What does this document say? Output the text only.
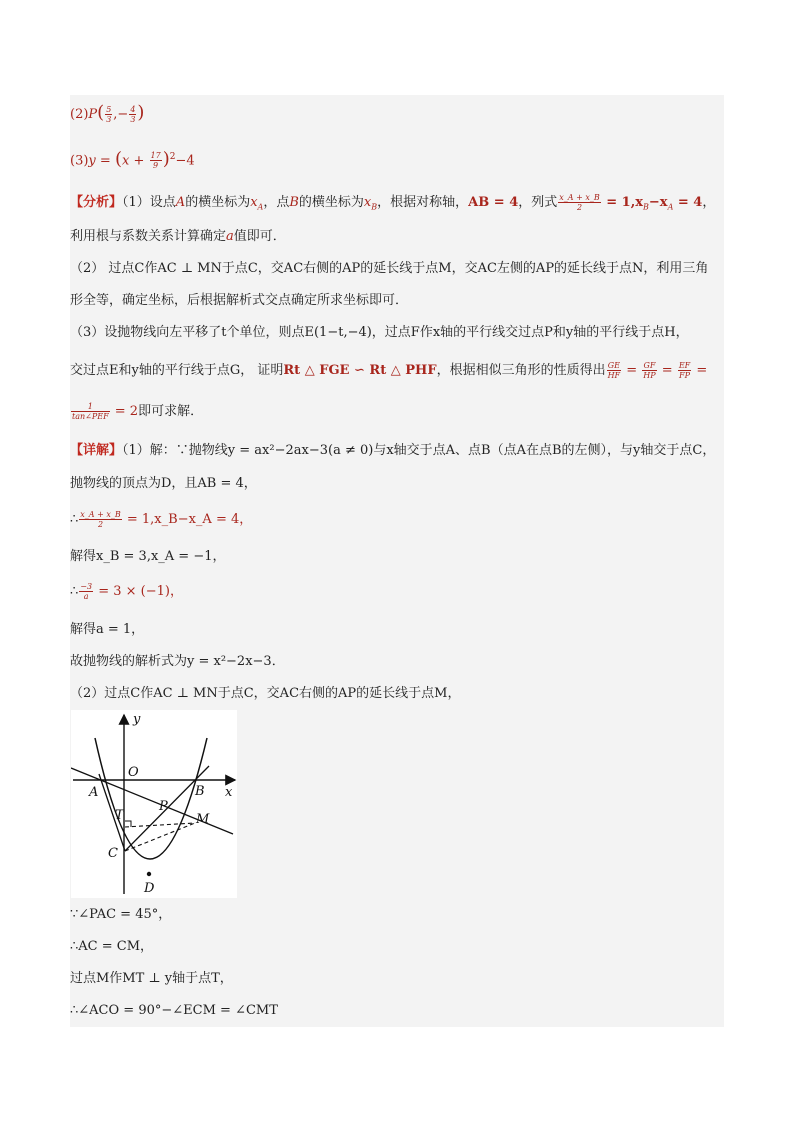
$(2)P( \frac{5}{3}$ ,− $\frac{4}{3}$ )
$(3)y = (x + \frac{17}{9} )^2-4$
【分析】（1）设点A的横坐标为$x_A$，点B的横坐标为$x_B$，根据对称轴，AB = 4，列式 $\frac{x\_A + x\_B}{2} = 1,x_B-x_A = 4$，
利用根与系数关系计算确定a值即可．
（2） 过点C作AC ⊥ MN于点C，交AC右侧的AP的延长线于点M，交AC左侧的AP的延长线于点N，利用三角
形全等，确定坐标，后根据解析式交点确定所求坐标即可．
（3）设抛物线向左平移了t个单位，则点E(1−t,−4)，过点F作x轴的平行线交过点P和y轴的平行线于点H，
交过点E和y轴的平行线于点G， 证明Rt △ FGE ∽ Rt △ PHF，根据相似三角形的性质得出 $\frac{GE}{HF} = \frac{GF}{HP} = \frac{EF}{FP}$ =
$\frac{1}{\text{tan∠PEF}} = 2$即可求解．
【详解】（1）解：∵抛物线y = ax²−2ax−3(a ≠ 0)与x轴交于点A、点B（点A在点B的左侧），与y轴交于点C，
抛物线的顶点为D，且AB = 4，
∴ $\frac{x\_A + x\_B}{2}$ = 1,x_B−x_A = 4，
解得x_B = 3,x_A = −1，
∴ $\frac{-3}{a} = 3 \times (-1)$，
解得a = 1，
故抛物线的解析式为y = x²−2x−3．
（2）过点C作AC ⊥ MN于点C，交AC右侧的AP的延长线于点M，
y
O
A	B x
P
M
T
C
D
∵∠PAC = 45°，
∴AC = CM，
过点M作MT ⊥ y轴于点T，
∴∠ACO = 90°−∠ECM = ∠CMT
